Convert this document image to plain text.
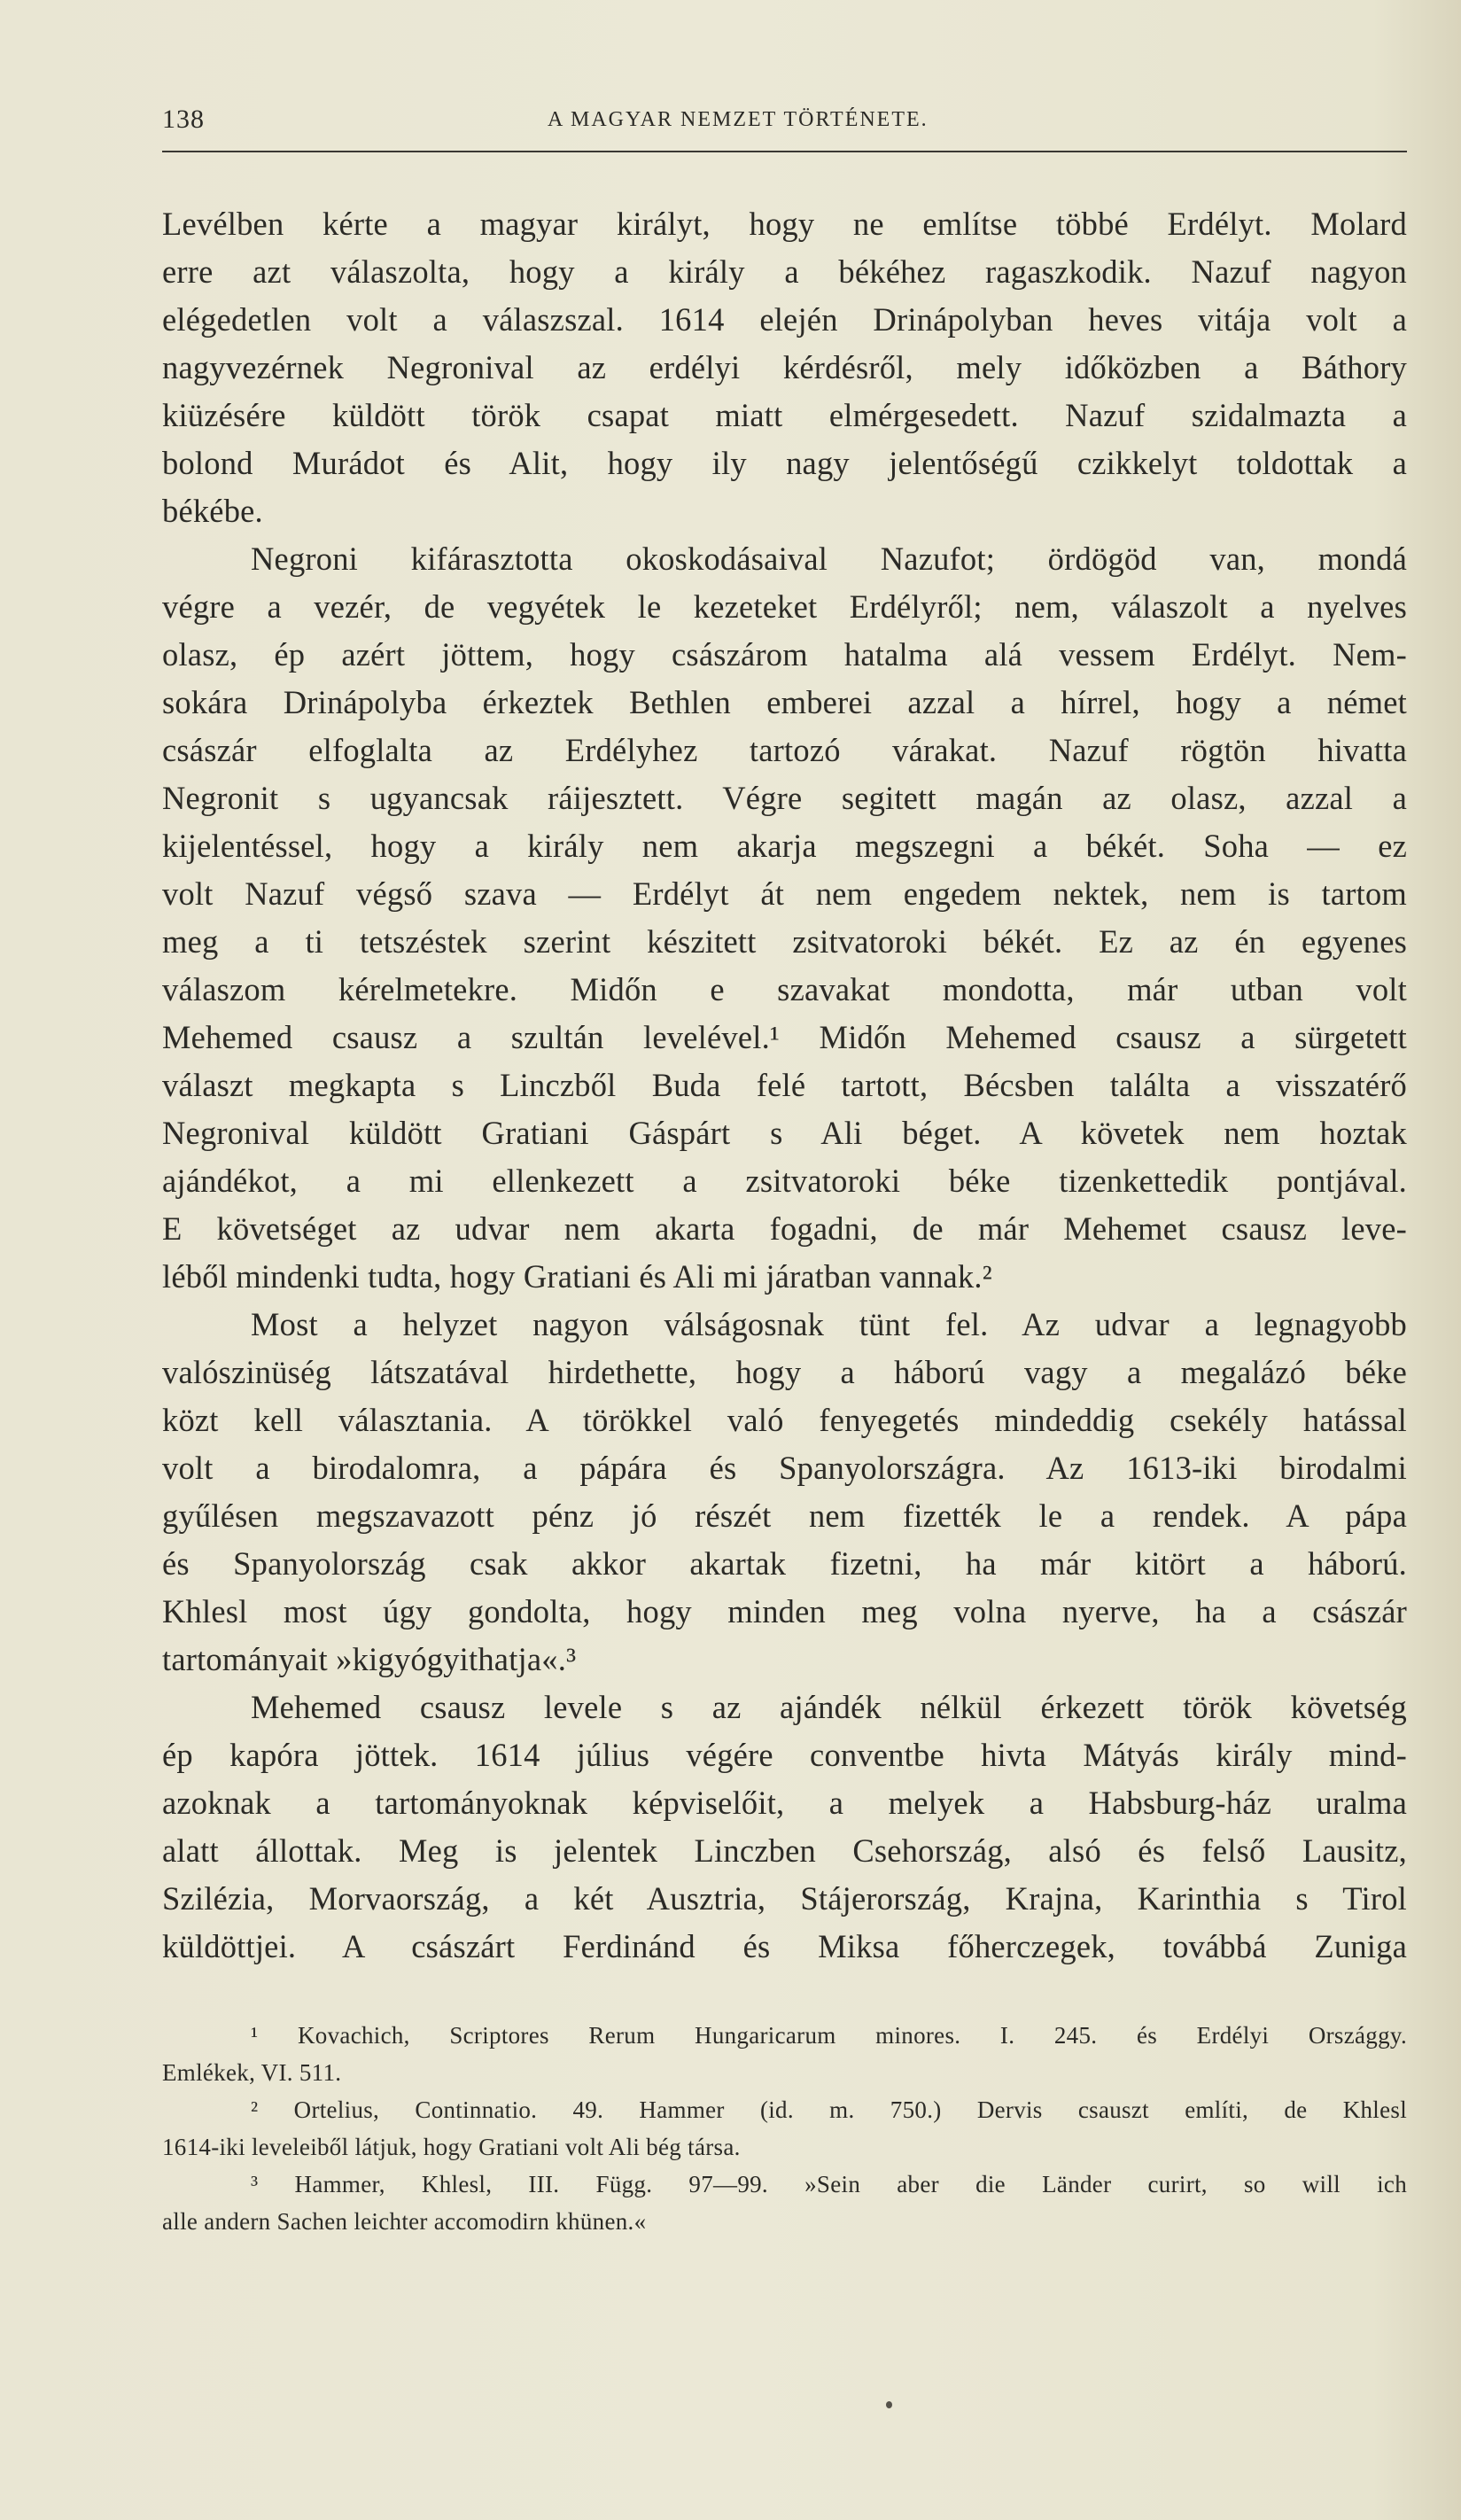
138	A MAGYAR NEMZET TÖRTÉNETE.
Levélben kérte a magyar királyt, hogy ne említse többé Erdélyt. Molard
erre azt válaszolta, hogy a király a békéhez ragaszkodik. Nazuf nagyon
elégedetlen volt a válaszszal. 1614 elején Drinápolyban heves vitája volt a
nagyvezérnek Negronival az erdélyi kérdésről, mely időközben a Báthory
kiüzésére küldött török csapat miatt elmérgesedett. Nazuf szidalmazta a
bolond Murádot és Alit, hogy ily nagy jelentőségű czikkelyt toldottak a
békébe.
Negroni kifárasztotta okoskodásaival Nazufot; ördögöd van, mondá
végre a vezér, de vegyétek le kezeteket Erdélyről; nem, válaszolt a nyelves
olasz, ép azért jöttem, hogy császárom hatalma alá vessem Erdélyt. Nem-
sokára Drinápolyba érkeztek Bethlen emberei azzal a hírrel, hogy a német
császár elfoglalta az Erdélyhez tartozó várakat. Nazuf rögtön hivatta
Negronit s ugyancsak ráijesztett. Végre segitett magán az olasz, azzal a
kijelentéssel, hogy a király nem akarja megszegni a békét. Soha — ez
volt Nazuf végső szava — Erdélyt át nem engedem nektek, nem is tartom
meg a ti tetszéstek szerint készitett zsitvatoroki békét. Ez az én egyenes
válaszom kérelmetekre. Midőn e szavakat mondotta, már utban volt
Mehemed csausz a szultán levelével.¹ Midőn Mehemed csausz a sürgetett
választ megkapta s Linczből Buda felé tartott, Bécsben találta a visszatérő
Negronival küldött Gratiani Gáspárt s Ali béget. A követek nem hoztak
ajándékot, a mi ellenkezett a zsitvatoroki béke tizenkettedik pontjával.
E követséget az udvar nem akarta fogadni, de már Mehemet csausz leve-
léből mindenki tudta, hogy Gratiani és Ali mi járatban vannak.²
Most a helyzet nagyon válságosnak tünt fel. Az udvar a legnagyobb
valószinüség látszatával hirdethette, hogy a háború vagy a megalázó béke
közt kell választania. A törökkel való fenyegetés mindeddig csekély hatással
volt a birodalomra, a pápára és Spanyolországra. Az 1613-iki birodalmi
gyűlésen megszavazott pénz jó részét nem fizették le a rendek. A pápa
és Spanyolország csak akkor akartak fizetni, ha már kitört a háború.
Khlesl most úgy gondolta, hogy minden meg volna nyerve, ha a császár
tartományait »kigyógyithatja«.³
Mehemed csausz levele s az ajándék nélkül érkezett török követség
ép kapóra jöttek. 1614 július végére conventbe hivta Mátyás király mind-
azoknak a tartományoknak képviselőit, a melyek a Habsburg-ház uralma
alatt állottak. Meg is jelentek Linczben Csehország, alsó és felső Lausitz,
Szilézia, Morvaország, a két Ausztria, Stájerország, Krajna, Karinthia s Tirol
küldöttjei. A császárt Ferdinánd és Miksa főherczegek, továbbá Zuniga
¹ Kovachich, Scriptores Rerum Hungaricarum minores. I. 245. és Erdélyi Országgy.
Emlékek, VI. 511.
² Ortelius, Continnatio. 49. Hammer (id. m. 750.) Dervis csauszt említi, de Khlesl
1614-iki leveleiből látjuk, hogy Gratiani volt Ali bég társa.
³ Hammer, Khlesl, III. Függ. 97—99. »Sein aber die Länder curirt, so will ich
alle andern Sachen leichter accomodirn khünen.«
